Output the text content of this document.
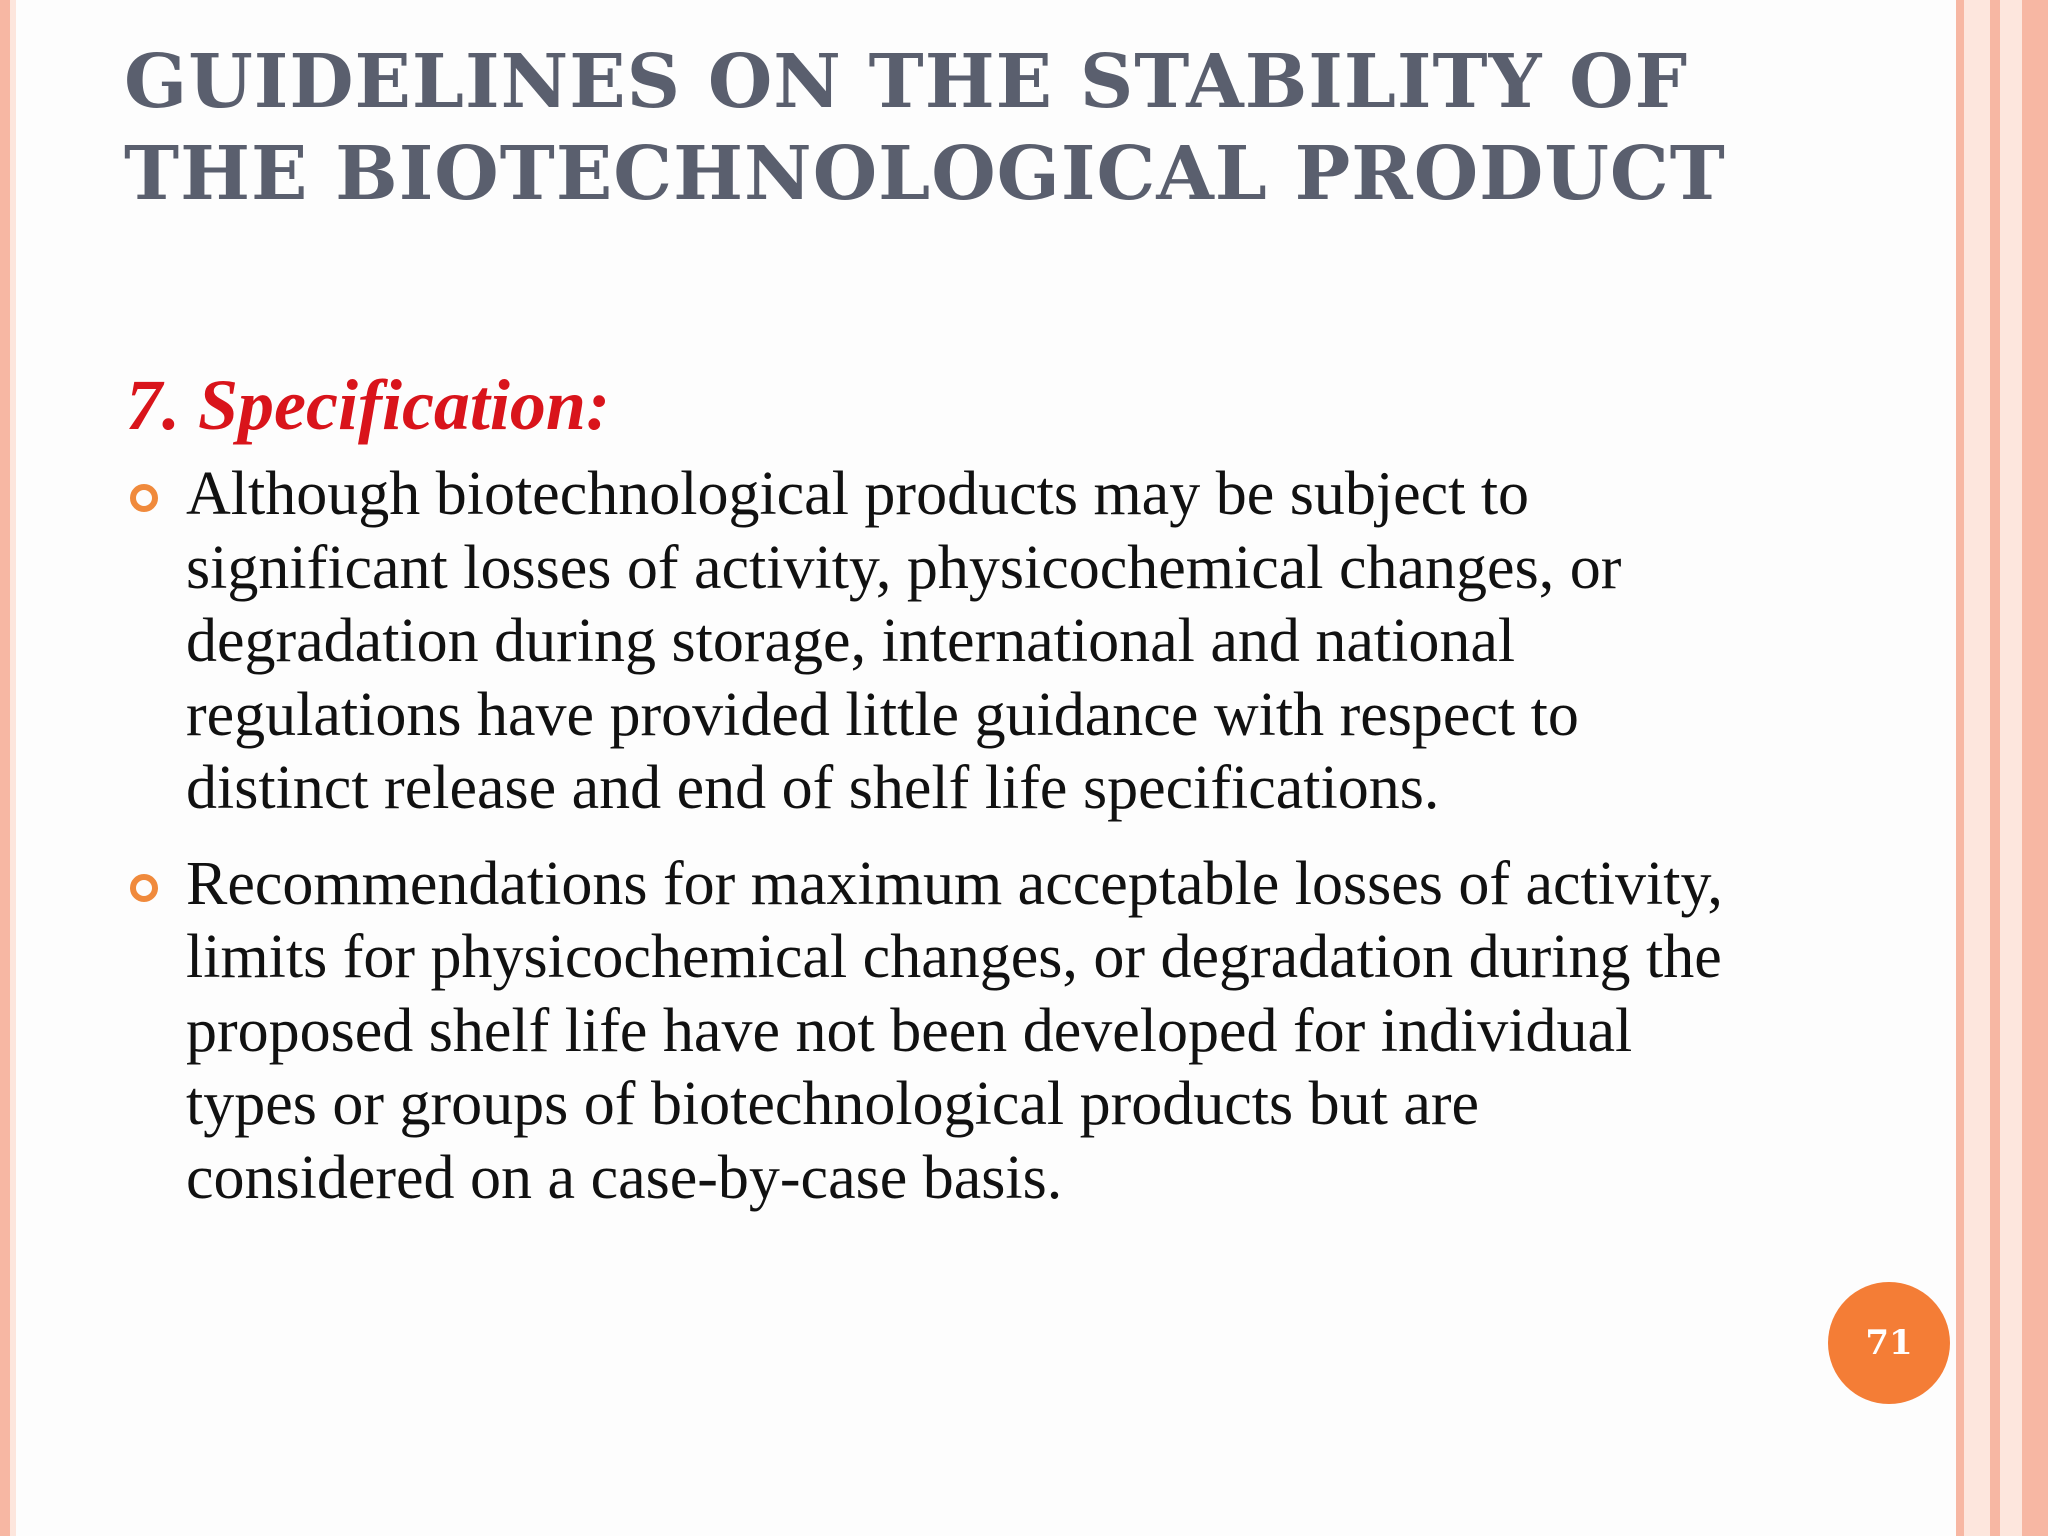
GUIDELINES ON THE STABILITY OF THE BIOTECHNOLOGICAL PRODUCT
7. Specification:
Although biotechnological products may be subject to significant losses of activity, physicochemical changes, or degradation during storage, international and national regulations have provided little guidance with respect to distinct release and end of shelf life specifications.
Recommendations for maximum acceptable losses of activity, limits for physicochemical changes, or degradation during the proposed shelf life have not been developed for individual types or groups of biotechnological products but are considered on a case-by-case basis.
71
